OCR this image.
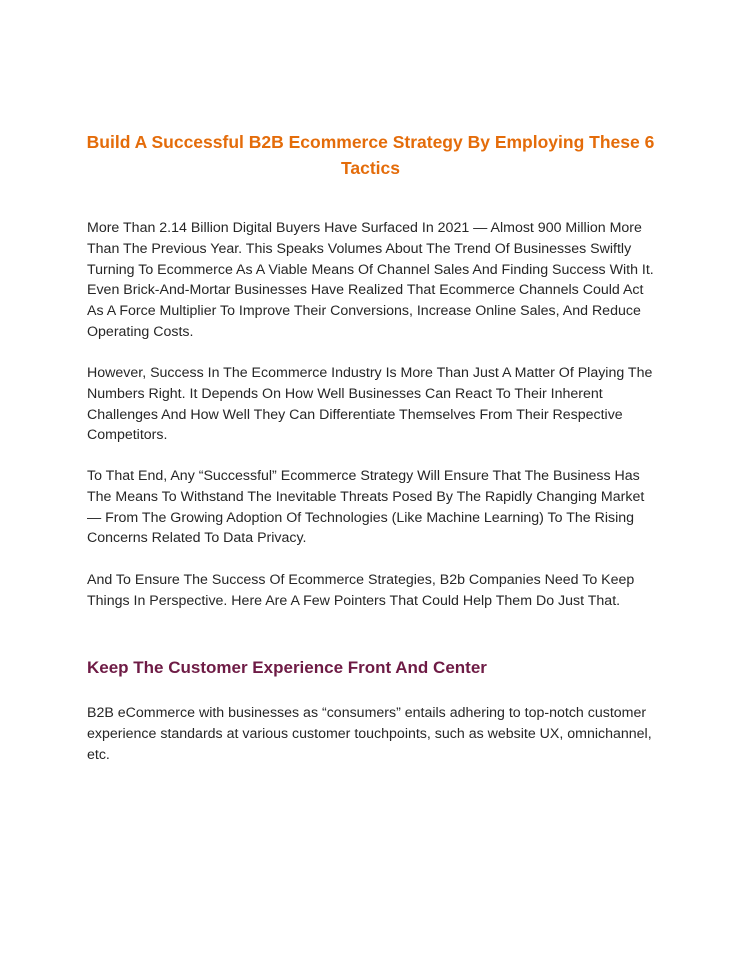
Build A Successful B2B Ecommerce Strategy By Employing These 6 Tactics

More Than 2.14 Billion Digital Buyers Have Surfaced In 2021 — Almost 900 Million More Than The Previous Year. This Speaks Volumes About The Trend Of Businesses Swiftly Turning To Ecommerce As A Viable Means Of Channel Sales And Finding Success With It. Even Brick-And-Mortar Businesses Have Realized That Ecommerce Channels Could Act As A Force Multiplier To Improve Their Conversions, Increase Online Sales, And Reduce Operating Costs.

However, Success In The Ecommerce Industry Is More Than Just A Matter Of Playing The Numbers Right. It Depends On How Well Businesses Can React To Their Inherent Challenges And How Well They Can Differentiate Themselves From Their Respective Competitors.

To That End, Any “Successful” Ecommerce Strategy Will Ensure That The Business Has The Means To Withstand The Inevitable Threats Posed By The Rapidly Changing Market — From The Growing Adoption Of Technologies (Like Machine Learning) To The Rising Concerns Related To Data Privacy.

And To Ensure The Success Of Ecommerce Strategies, B2b Companies Need To Keep Things In Perspective. Here Are A Few Pointers That Could Help Them Do Just That.

Keep The Customer Experience Front And Center

B2B eCommerce with businesses as “consumers” entails adhering to top-notch customer experience standards at various customer touchpoints, such as website UX, omnichannel, etc.
